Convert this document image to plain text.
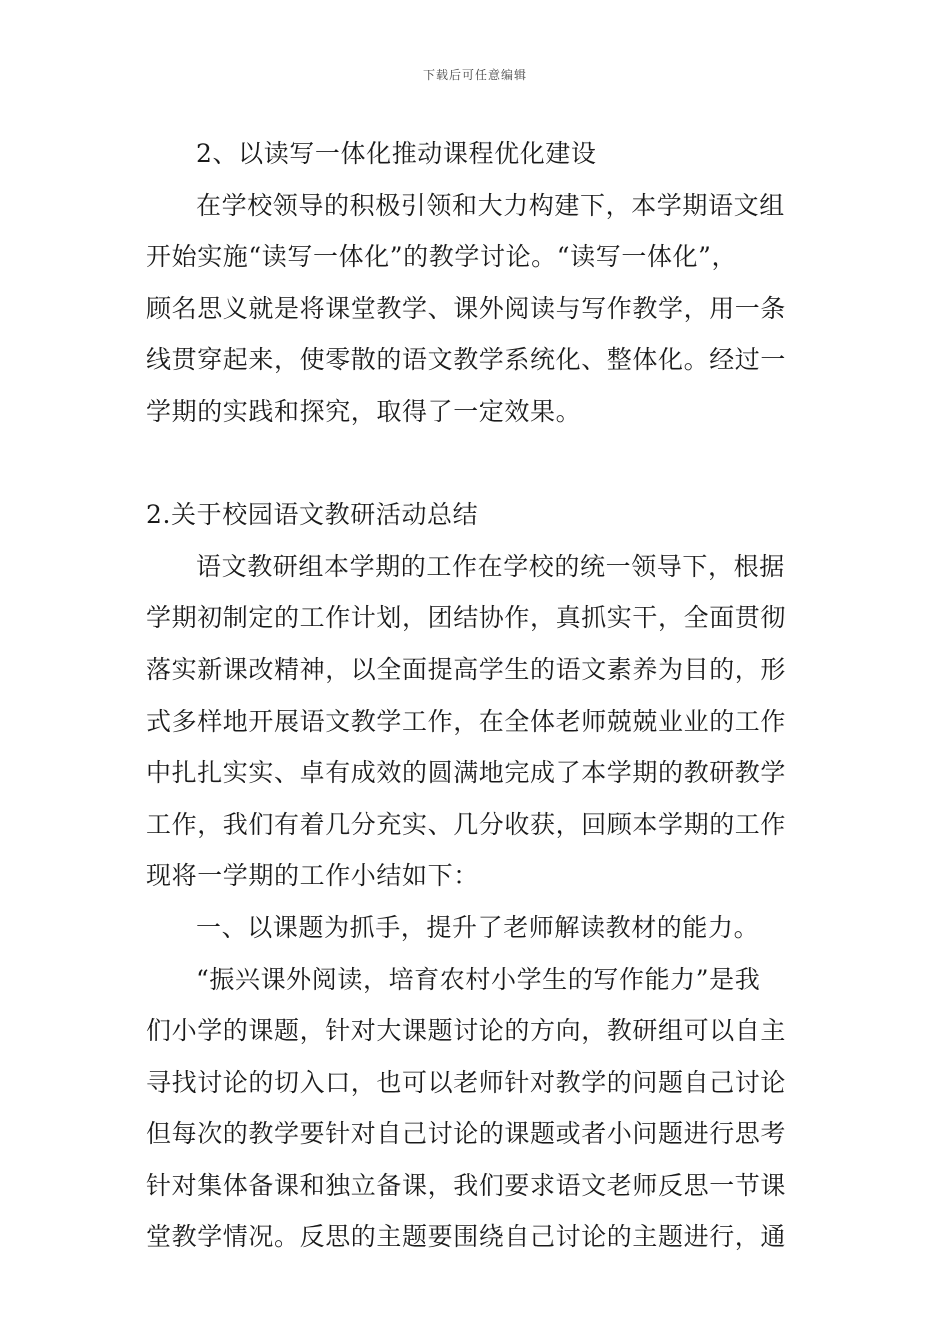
下载后可任意编辑
2、以读写一体化推动课程优化建设
在学校领导的积极引领和大力构建下，本学期语文组
开始实施“读写一体化”的教学讨论。“读写一体化”，
顾名思义就是将课堂教学、课外阅读与写作教学，用一条
线贯穿起来，使零散的语文教学系统化、整体化。经过一
学期的实践和探究，取得了一定效果。
2.关于校园语文教研活动总结
语文教研组本学期的工作在学校的统一领导下，根据
学期初制定的工作计划，团结协作，真抓实干，全面贯彻
落实新课改精神，以全面提高学生的语文素养为目的，形
式多样地开展语文教学工作，在全体老师兢兢业业的工作
中扎扎实实、卓有成效的圆满地完成了本学期的教研教学
工作，我们有着几分充实、几分收获，回顾本学期的工作
现将一学期的工作小结如下：
一、以课题为抓手，提升了老师解读教材的能力。
“振兴课外阅读，培育农村小学生的写作能力”是我
们小学的课题，针对大课题讨论的方向，教研组可以自主
寻找讨论的切入口，也可以老师针对教学的问题自己讨论
但每次的教学要针对自己讨论的课题或者小问题进行思考
针对集体备课和独立备课，我们要求语文老师反思一节课
堂教学情况。反思的主题要围绕自己讨论的主题进行，通
